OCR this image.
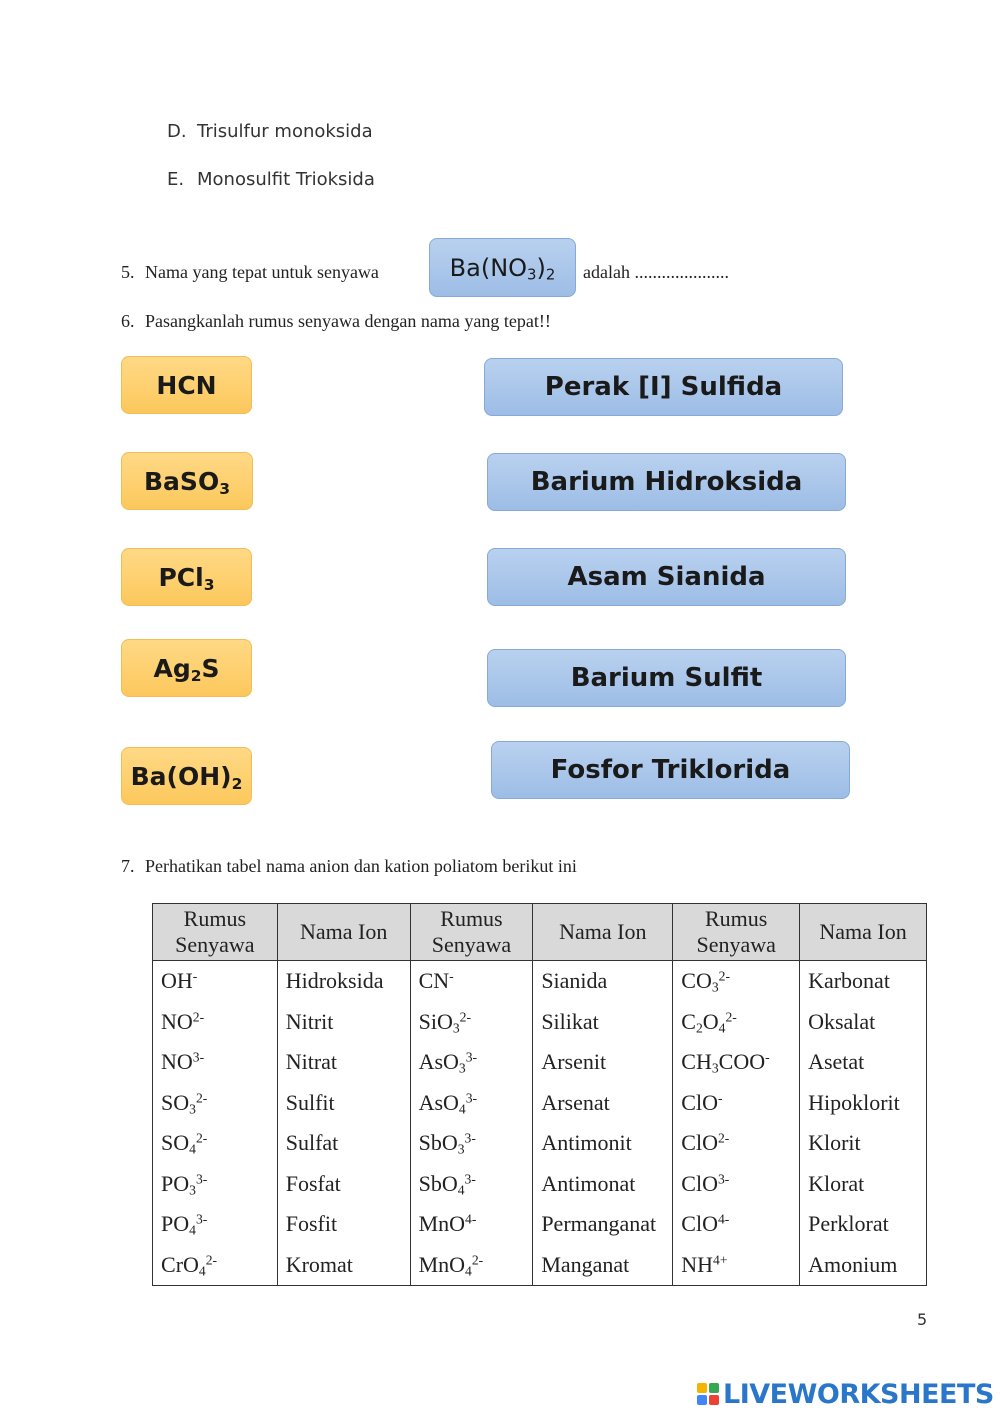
D. Trisulfur monoksida
E. Monosulfit Trioksida
5. Nama yang tepat untuk senyawa	$Ba(NO_3)_2$ adalah .....................
6. Pasangkanlah rumus senyawa dengan nama yang tepat!!
HCN
BaSO$_3$
PCl$_3$
$Ag_2S$
$Ba(OH)_2$
Perak [I] Sulfida
Barium Hidroksida
Asam Sianida
Barium Sulfit
Fosfor Triklorida
7. Perhatikan tabel nama anion dan kation poliatom berikut ini
Rumus Senyawa	Nama Ion	Rumus Senyawa	Nama Ion	Rumus Senyawa	Nama Ion
OH-	Hidroksida	CN-	Sianida	$CO_3^{2-}$	Karbonat
$NO^{2-}$	Nitrit	SiO$_3^{2-}$	Silikat	$C_2O_4^{2-}$	Oksalat
$NO^{3-}$	Nitrat	AsO$_3^{3-}$	Arsenit	$CH_3COO^-$	Asetat
$SO_3^{2-}$	Sulfit	AsO$_4^{3-}$	Arsenat	ClO-	Hipoklorit
$SO_4^{2-}$	Sulfat	SbO$_3^{3-}$	Antimonit	ClO$^{2-}$	Klorit
$PO_3^{3-}$	Fosfat	SbO$_4^{3-}$	Antimonat	ClO$^{3-}$	Klorat
$PO_4^{3-}$	Fosfit	MnO$^{4-}$	Permanganat	ClO$^{4-}$	Perklorat
CrO$_4^{2-}$	Kromat	MnO$_4^{2-}$	Manganat	$NH^{4+}$	Amonium
5
LIVEWORKSHEETS
